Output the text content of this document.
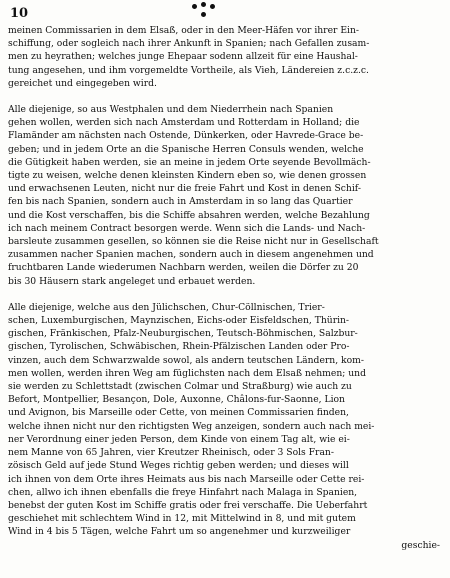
10

meinen Commissarien in dem Elsaß, oder in den Meer-Häfen vor ihrer Ein-
schiffung, oder sogleich nach ihrer Ankunft in Spanien; nach Gefallen zusam-
men zu heyrathen; welches junge Ehepaar sodenn allzeit für eine Haushal-
tung angesehen, und ihm vorgemeldte Vortheile, als Vieh, Ländereien z.c.z.c.
gereichet und eingegeben wird.

Alle diejenige, so aus Westphalen und dem Niederrhein nach Spanien
gehen wollen, werden sich nach Amsterdam und Rotterdam in Holland; die
Flamänder am nächsten nach Ostende, Dünkerken, oder Havrede-Grace be-
geben; und in jedem Orte an die Spanische Herren Consuls wenden, welche
die Gütigkeit haben werden, sie an meine in jedem Orte seyende Bevollmäch-
tigte zu weisen, welche denen kleinsten Kindern eben so, wie denen grossen
und erwachsenen Leuten, nicht nur die freie Fahrt und Kost in denen Schif-
fen bis nach Spanien, sondern auch in Amsterdam in so lang das Quartier
und die Kost verschaffen, bis die Schiffe absahren werden, welche Bezahlung
ich nach meinem Contract besorgen werde. Wenn sich die Lands- und Nach-
barsleute zusammen gesellen, so können sie die Reise nicht nur in Gesellschaft
zusammen nacher Spanien machen, sondern auch in diesem angenehmen und
fruchtbaren Lande wiederumen Nachbarn werden, weilen die Dörfer zu 20
bis 30 Häusern stark angeleget und erbauet werden.

Alle diejenige, welche aus den Jülichschen, Chur-Cöllnischen, Trier-
schen, Luxemburgischen, Maynzischen, Eichs-oder Eisfeldschen, Thürin-
gischen, Fränkischen, Pfalz-Neuburgischen, Teutsch-Böhmischen, Salzbur-
gischen, Tyrolischen, Schwäbischen, Rhein-Pfälzischen Landen oder Pro-
vinzen, auch dem Schwarzwalde sowol, als andern teutschen Ländern, kom-
men wollen, werden ihren Weg am füglichsten nach dem Elsaß nehmen; und
sie werden zu Schlettstadt (zwischen Colmar und Straßburg) wie auch zu
Befort, Montpellier, Besançon, Dole, Auxonne, Châlons-fur-Saonne, Lion
und Avignon, bis Marseille oder Cette, von meinen Commissarien finden,
welche ihnen nicht nur den richtigsten Weg anzeigen, sondern auch nach mei-
ner Verordnung einer jeden Person, dem Kinde von einem Tag alt, wie ei-
nem Manne von 65 Jahren, vier Kreutzer Rheinisch, oder 3 Sols Fran-
zösisch Geld auf jede Stund Weges richtig geben werden; und dieses will
ich ihnen von dem Orte ihres Heimats aus bis nach Marseille oder Cette rei-
chen, allwo ich ihnen ebenfalls die freye Hinfahrt nach Malaga in Spanien,
benebst der guten Kost im Schiffe gratis oder frei verschaffe. Die Ueberfahrt
geschiehet mit schlechtem Wind in 12, mit Mittelwind in 8, und mit gutem
Wind in 4 bis 5 Tägen, welche Fahrt um so angenehmer und kurzweiliger
geschie-
